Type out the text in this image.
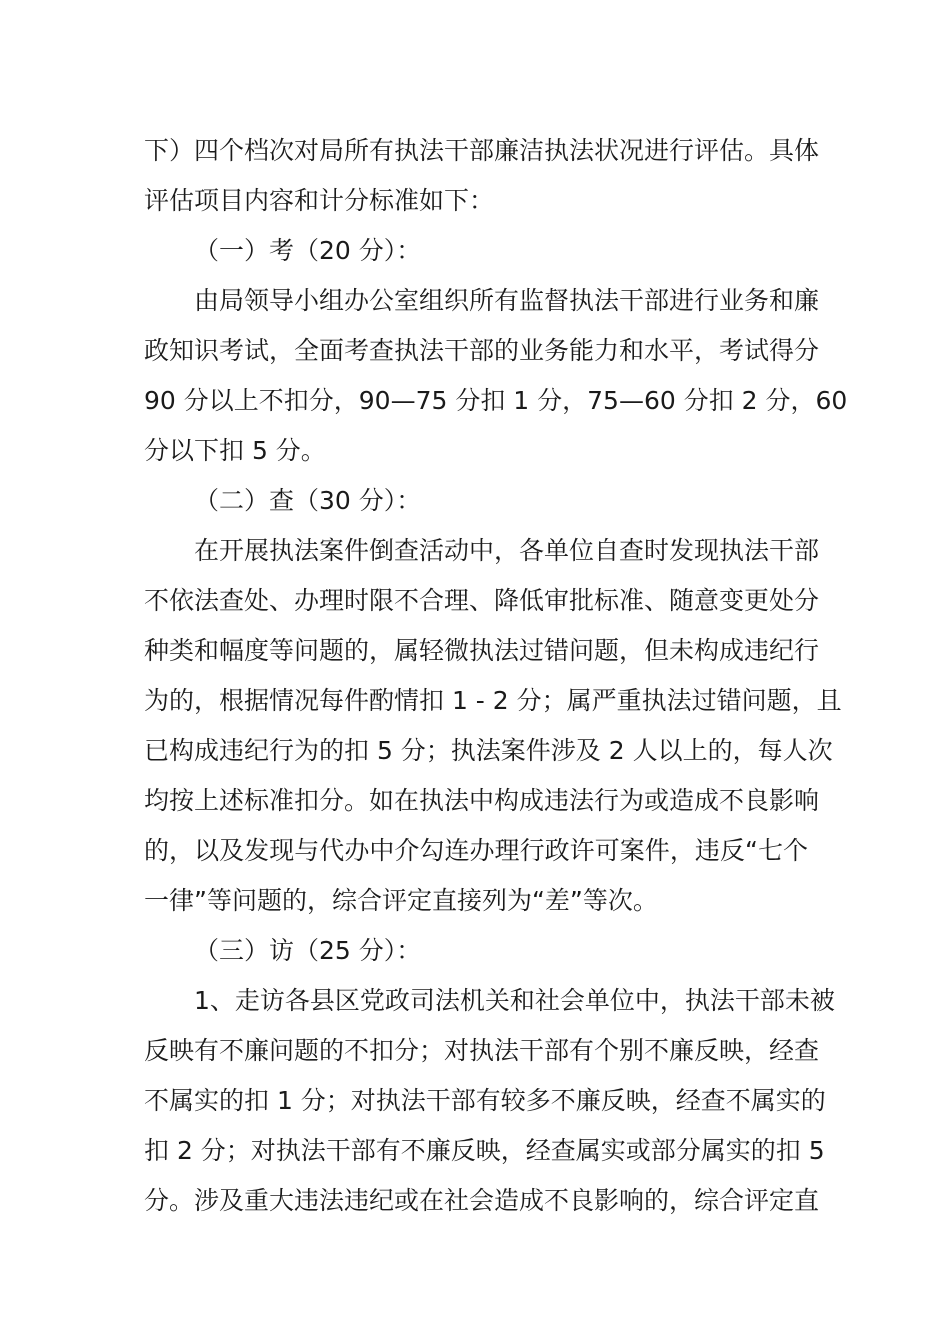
下）四个档次对局所有执法干部廉洁执法状况进行评估。具体
评估项目内容和计分标准如下：
（一）考（20 分）：
由局领导小组办公室组织所有监督执法干部进行业务和廉
政知识考试，全面考查执法干部的业务能力和水平，考试得分
90 分以上不扣分，90—75 分扣 1 分，75—60 分扣 2 分，60
分以下扣 5 分。
（二）查（30 分）：
在开展执法案件倒查活动中，各单位自查时发现执法干部
不依法查处、办理时限不合理、降低审批标准、随意变更处分
种类和幅度等问题的，属轻微执法过错问题，但未构成违纪行
为的，根据情况每件酌情扣 1 - 2 分；属严重执法过错问题，且
已构成违纪行为的扣 5 分；执法案件涉及 2 人以上的，每人次
均按上述标准扣分。如在执法中构成违法行为或造成不良影响
的，以及发现与代办中介勾连办理行政许可案件，违反“七个
一律”等问题的，综合评定直接列为“差”等次。
（三）访（25 分）：
1、走访各县区党政司法机关和社会单位中，执法干部未被
反映有不廉问题的不扣分；对执法干部有个别不廉反映，经查
不属实的扣 1 分；对执法干部有较多不廉反映，经查不属实的
扣 2 分；对执法干部有不廉反映，经查属实或部分属实的扣 5
分。涉及重大违法违纪或在社会造成不良影响的，综合评定直
